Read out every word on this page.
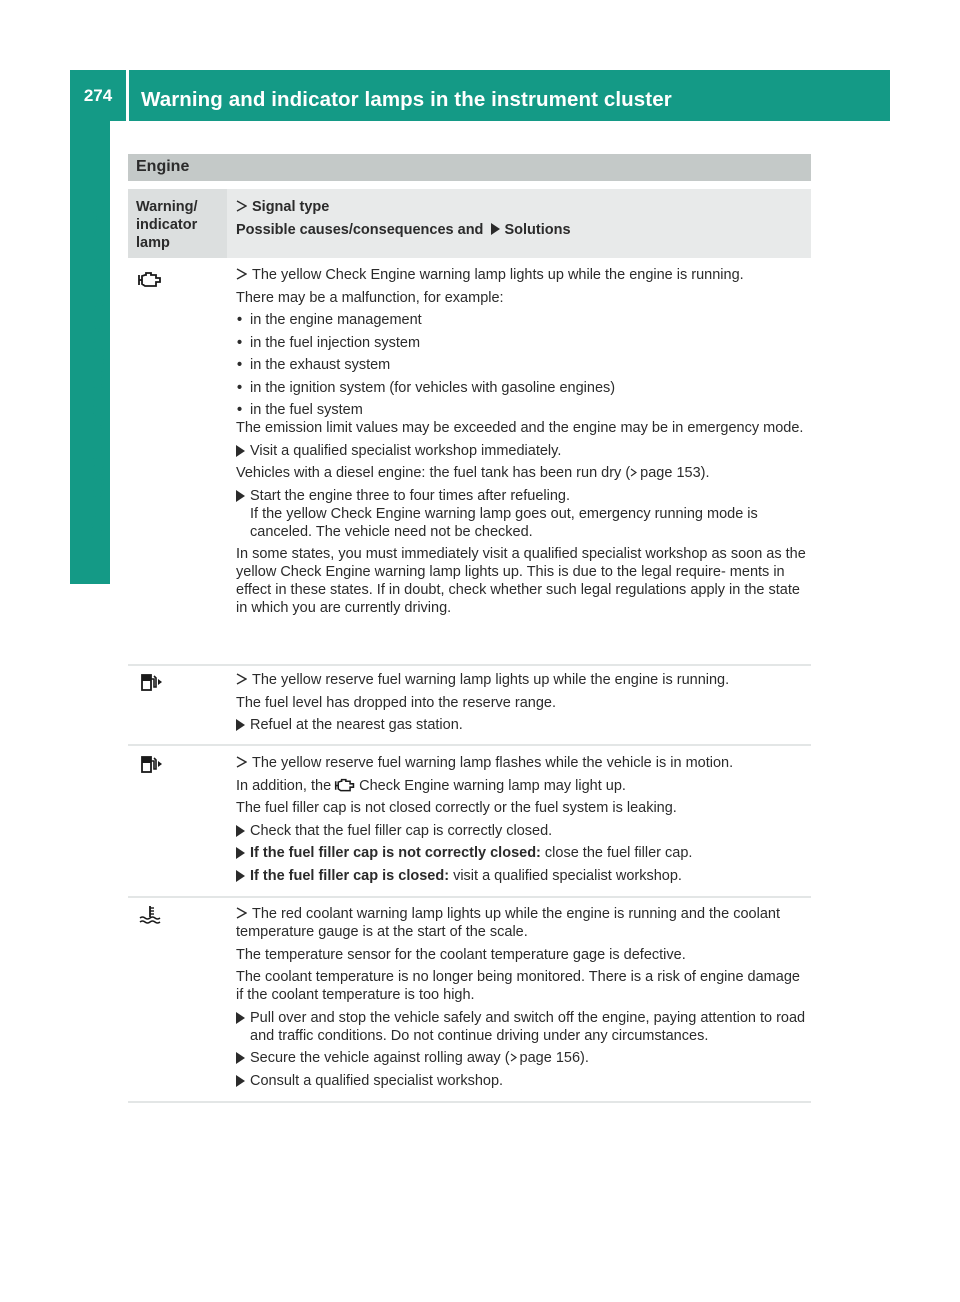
274	Warning and indicator lamps in the instrument cluster
On-board computer and displays
Engine
Warning/ indicator lamp
Signal type
Possible causes/consequences and Solutions

The yellow Check Engine warning lamp lights up while the engine is running.

There may be a malfunction, for example:

• in the engine management
• in the fuel injection system
• in the exhaust system
• in the ignition system (for vehicles with gasoline engines)
• in the fuel system

The emission limit values may be exceeded and the engine may be in emergency mode.

Visit a qualified specialist workshop immediately.

Vehicles with a diesel engine: the fuel tank has been run dry ( page 153).

Start the engine three to four times after refueling.
If the yellow Check Engine warning lamp goes out, emergency running mode is canceled. The vehicle need not be checked.

In some states, you must immediately visit a qualified specialist workshop as soon as the yellow Check Engine warning lamp lights up. This is due to the legal require- ments in effect in these states. If in doubt, check whether such legal regulations apply in the state in which you are currently driving.

The yellow reserve fuel warning lamp lights up while the engine is running.

The fuel level has dropped into the reserve range.

Refuel at the nearest gas station.

The yellow reserve fuel warning lamp flashes while the vehicle is in motion.

In addition, the Check Engine warning lamp may light up.

The fuel filler cap is not closed correctly or the fuel system is leaking.

Check that the fuel filler cap is correctly closed.
If the fuel filler cap is not correctly closed: close the fuel filler cap.
If the fuel filler cap is closed: visit a qualified specialist workshop.

The red coolant warning lamp lights up while the engine is running and the coolant temperature gauge is at the start of the scale.

The temperature sensor for the coolant temperature gage is defective.

The coolant temperature is no longer being monitored. There is a risk of engine damage if the coolant temperature is too high.

Pull over and stop the vehicle safely and switch off the engine, paying attention to road and traffic conditions. Do not continue driving under any circumstances.
Secure the vehicle against rolling away ( page 156).
Consult a qualified specialist workshop.
